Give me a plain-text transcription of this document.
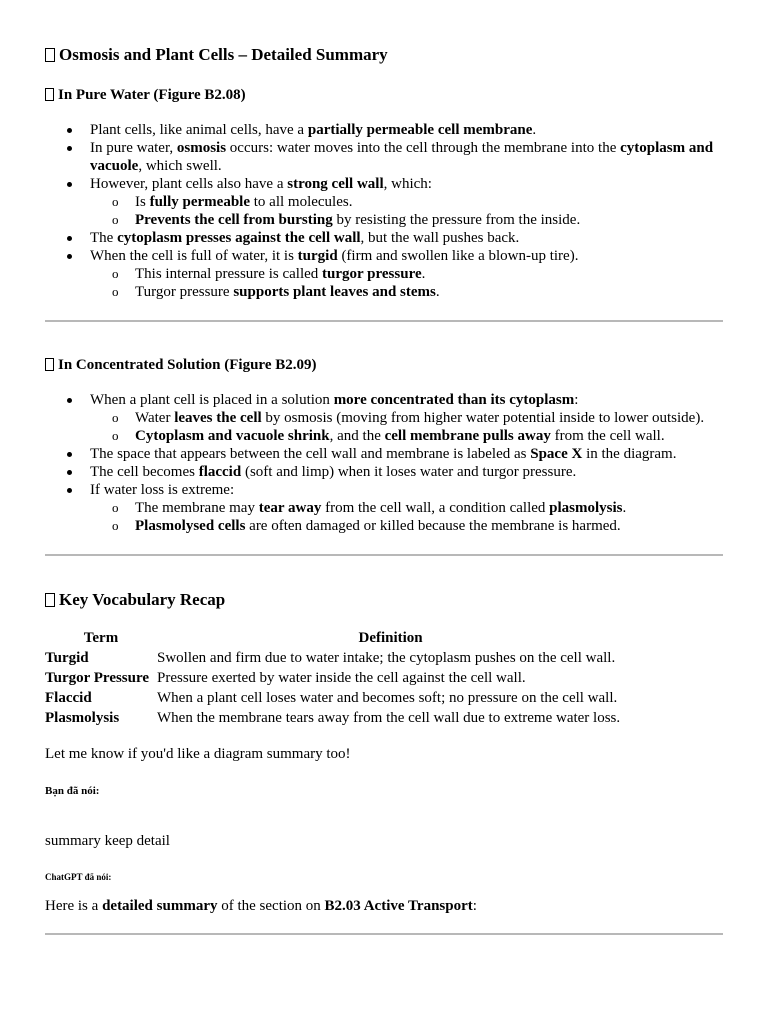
Osmosis and Plant Cells – Detailed Summary
In Pure Water (Figure B2.08)
Plant cells, like animal cells, have a partially permeable cell membrane.
In pure water, osmosis occurs: water moves into the cell through the membrane into the cytoplasm and vacuole, which swell.
However, plant cells also have a strong cell wall, which:
o Is fully permeable to all molecules.
o Prevents the cell from bursting by resisting the pressure from the inside.
The cytoplasm presses against the cell wall, but the wall pushes back.
When the cell is full of water, it is turgid (firm and swollen like a blown-up tire).
o This internal pressure is called turgor pressure.
o Turgor pressure supports plant leaves and stems.
In Concentrated Solution (Figure B2.09)
When a plant cell is placed in a solution more concentrated than its cytoplasm:
o Water leaves the cell by osmosis (moving from higher water potential inside to lower outside).
o Cytoplasm and vacuole shrink, and the cell membrane pulls away from the cell wall.
The space that appears between the cell wall and membrane is labeled as Space X in the diagram.
The cell becomes flaccid (soft and limp) when it loses water and turgor pressure.
If water loss is extreme:
o The membrane may tear away from the cell wall, a condition called plasmolysis.
o Plasmolysed cells are often damaged or killed because the membrane is harmed.
Key Vocabulary Recap
Term	Definition
Turgid	Swollen and firm due to water intake; the cytoplasm pushes on the cell wall.
Turgor Pressure	Pressure exerted by water inside the cell against the cell wall.
Flaccid	When a plant cell loses water and becomes soft; no pressure on the cell wall.
Plasmolysis	When the membrane tears away from the cell wall due to extreme water loss.
Let me know if you'd like a diagram summary too!
Bạn đã nói:
summary keep detail
ChatGPT đã nói:
Here is a detailed summary of the section on B2.03 Active Transport:
